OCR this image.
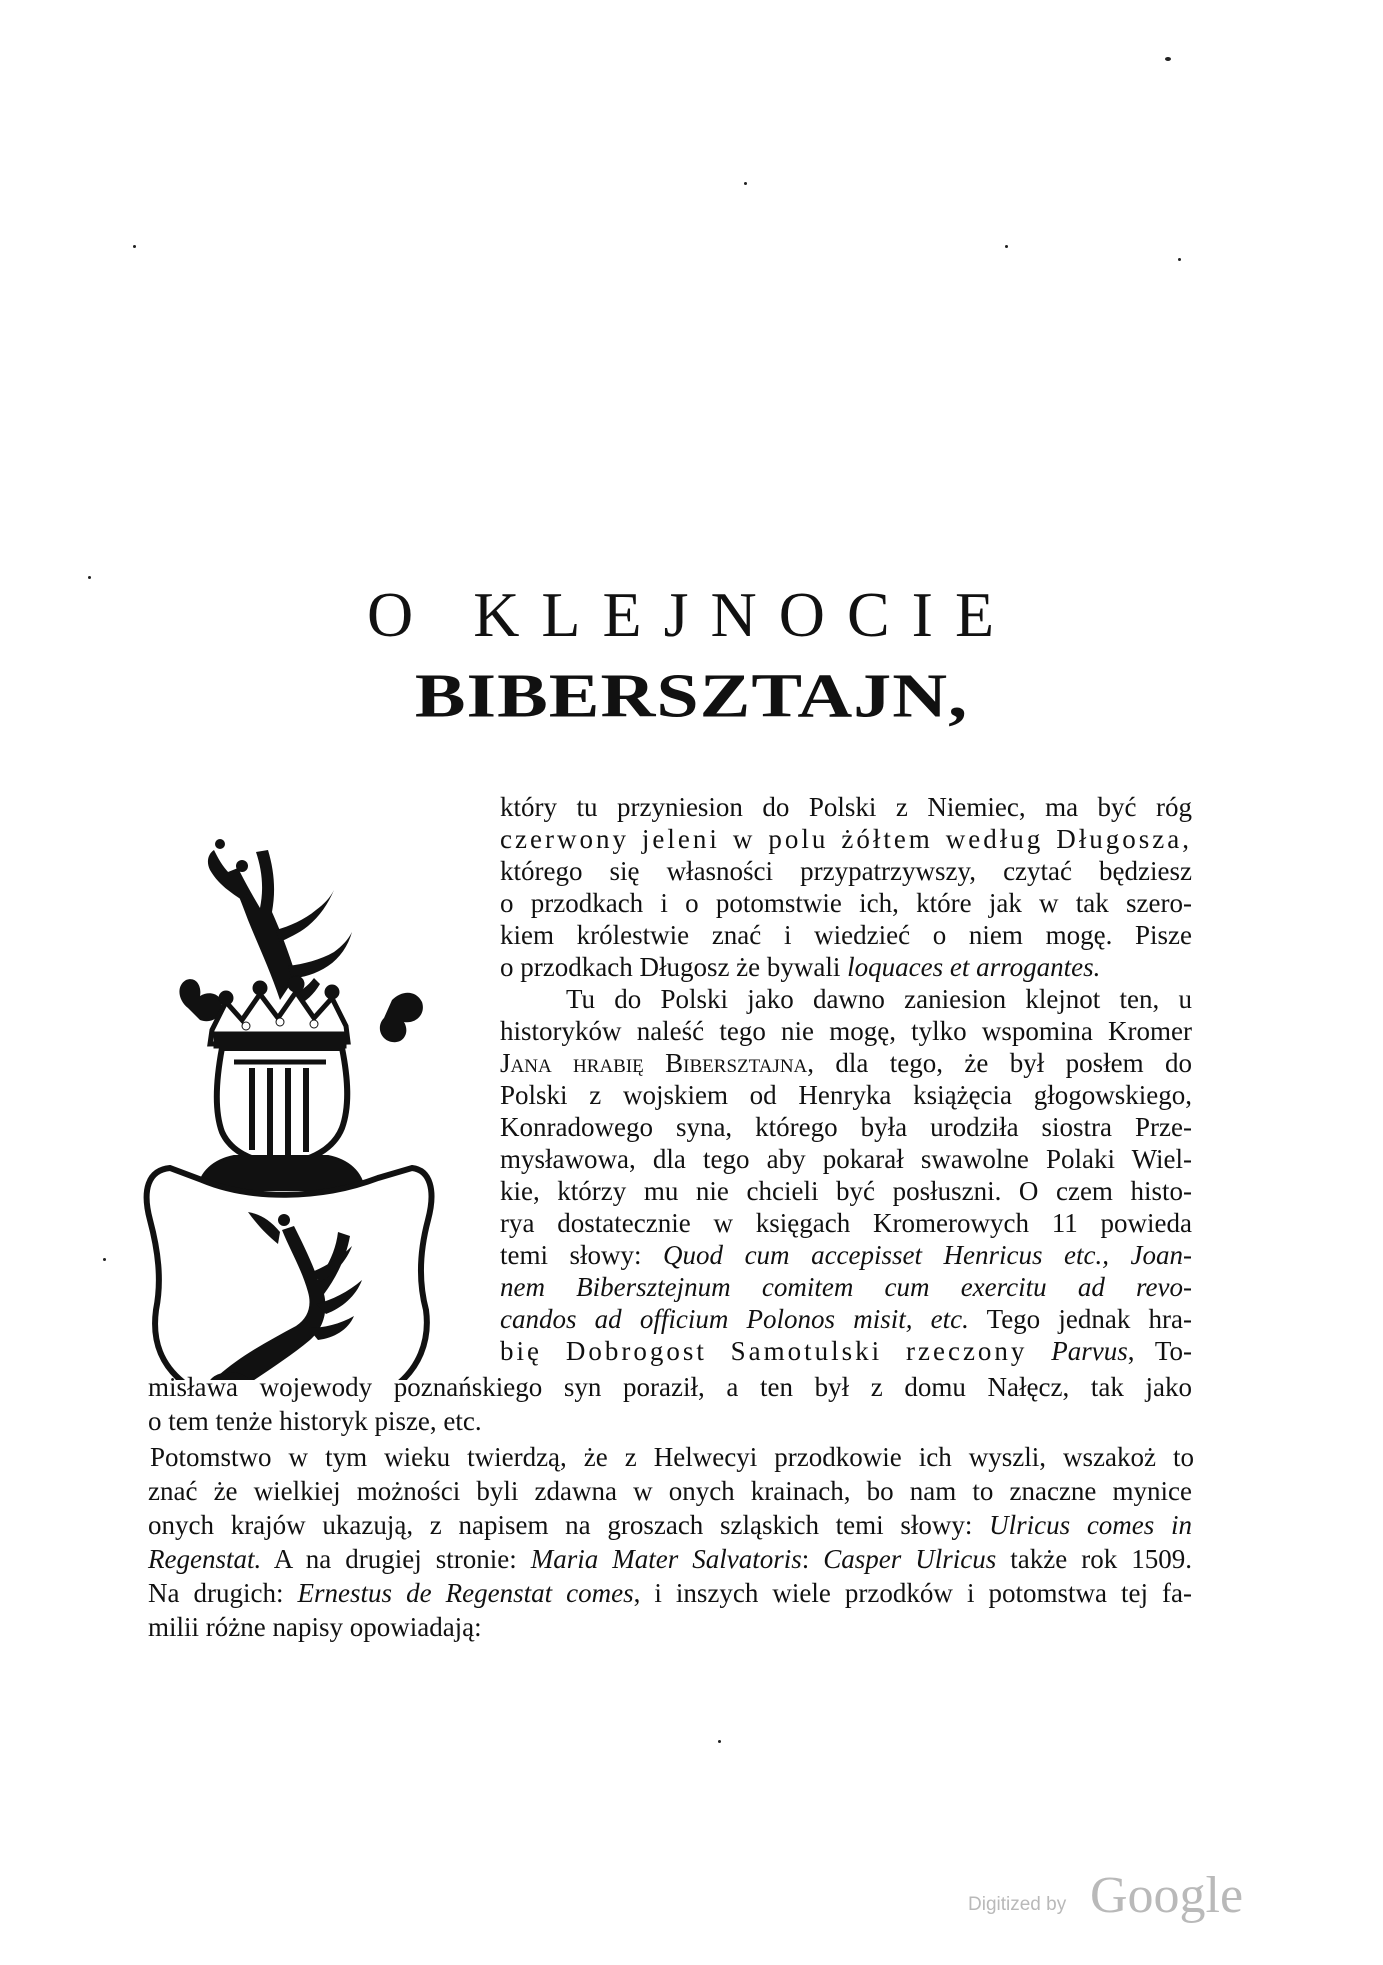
O KLEJNOCIE
BIBERSZTAJN,
który tu przyniesion do Polski z Niemiec, ma być róg
czerwony jeleni w polu żółtem według Długosza,
którego się własności przypatrzywszy, czytać będziesz
o przodkach i o potomstwie ich, które jak w tak szero-
kiem królestwie znać i wiedzieć o niem mogę. Pisze
o przodkach Długosz że bywali loquaces et arrogantes.
Tu do Polski jako dawno zaniesion klejnot ten, u
historyków naleść tego nie mogę, tylko wspomina Kromer
Jana hrabię Bibersztajna, dla tego, że był posłem do
Polski z wojskiem od Henryka książęcia głogowskiego,
Konradowego syna, którego była urodziła siostra Prze-
mysławowa, dla tego aby pokarał swawolne Polaki Wiel-
kie, którzy mu nie chcieli być posłuszni. O czem histo-
rya dostatecznie w księgach Kromerowych 11 powieda
temi słowy: Quod cum accepisset Henricus etc., Joan-
nem Bibersztejnum comitem cum exercitu ad revo-
candos ad officium Polonos misit, etc. Tego jednak hra-
bię Dobrogost Samotulski rzeczony Parvus, To-
misława wojewody poznańskiego syn poraził, a ten był z domu Nałęcz, tak jako
o tem tenże historyk pisze, etc.
Potomstwo w tym wieku twierdzą, że z Helwecyi przodkowie ich wyszli, wszakoż to
znać że wielkiej możności byli zdawna w onych krainach, bo nam to znaczne mynice
onych krajów ukazują, z napisem na groszach szląskich temi słowy: Ulricus comes in
Regenstat. A na drugiej stronie: Maria Mater Salvatoris: Casper Ulricus także rok 1509.
Na drugich: Ernestus de Regenstat comes, i inszych wiele przodków i potomstwa tej fa-
milii różne napisy opowiadają:
Digitized by Google
